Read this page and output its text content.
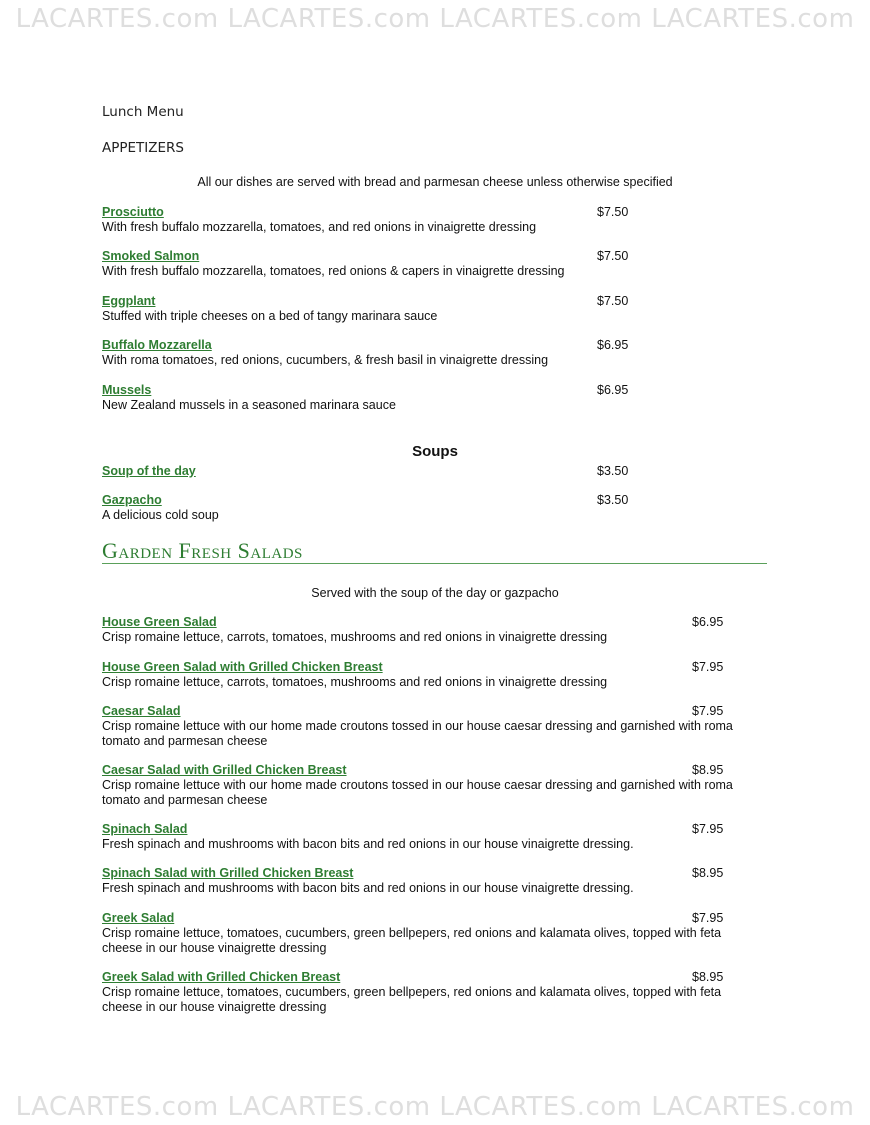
LACARTES.com LACARTES.com LACARTES.com LACARTES.com
Lunch Menu
APPETIZERS
All our dishes are served with bread and parmesan cheese unless otherwise specified
Prosciutto
With fresh buffalo mozzarella, tomatoes, and red onions in vinaigrette dressing
$7.50
Smoked Salmon
With fresh buffalo mozzarella, tomatoes, red onions & capers in vinaigrette dressing
$7.50
Eggplant
Stuffed with triple cheeses on a bed of tangy marinara sauce
$7.50
Buffalo Mozzarella
With roma tomatoes, red onions, cucumbers, & fresh basil in vinaigrette dressing
$6.95
Mussels
New Zealand mussels in a seasoned marinara sauce
$6.95
Soups
Soup of the day	$3.50
Gazpacho
A delicious cold soup
$3.50
Garden Fresh Salads
Served with the soup of the day or gazpacho
House Green Salad
Crisp romaine lettuce, carrots, tomatoes, mushrooms and red onions in vinaigrette dressing
$6.95
House Green Salad with Grilled Chicken Breast
Crisp romaine lettuce, carrots, tomatoes, mushrooms and red onions in vinaigrette dressing
$7.95
Caesar Salad
Crisp romaine lettuce with our home made croutons tossed in our house caesar dressing and garnished with roma tomato and parmesan cheese
$7.95
Caesar Salad with Grilled Chicken Breast
Crisp romaine lettuce with our home made croutons tossed in our house caesar dressing and garnished with roma tomato and parmesan cheese
$8.95
Spinach Salad
Fresh spinach and mushrooms with bacon bits and red onions in our house vinaigrette dressing.
$7.95
Spinach Salad with Grilled Chicken Breast
Fresh spinach and mushrooms with bacon bits and red onions in our house vinaigrette dressing.
$8.95
Greek Salad
Crisp romaine lettuce, tomatoes, cucumbers, green bellpepers, red onions and kalamata olives, topped with feta cheese in our house vinaigrette dressing
$7.95
Greek Salad with Grilled Chicken Breast
Crisp romaine lettuce, tomatoes, cucumbers, green bellpepers, red onions and kalamata olives, topped with feta cheese in our house vinaigrette dressing
$8.95
LACARTES.com LACARTES.com LACARTES.com LACARTES.com
